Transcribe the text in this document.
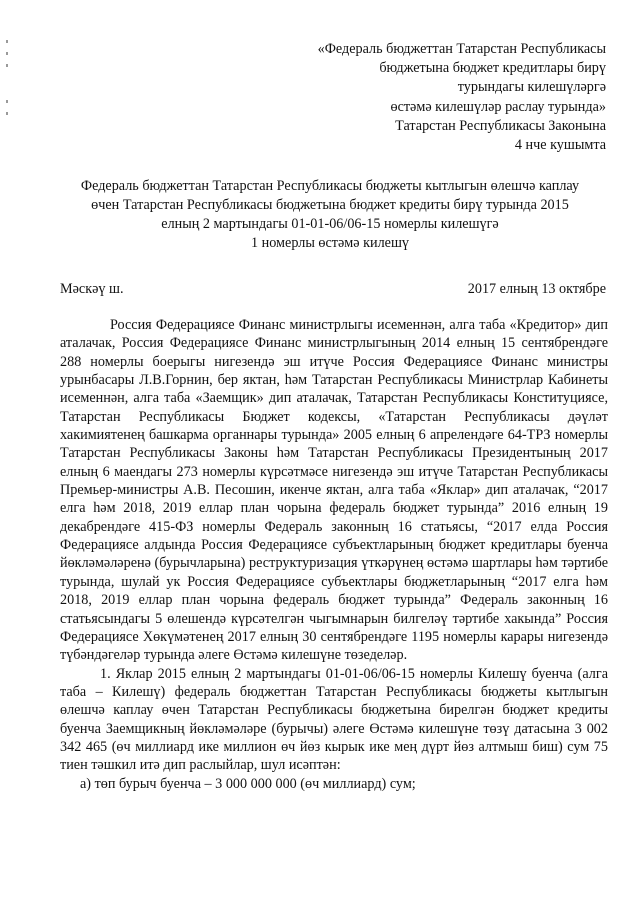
«Федераль бюджеттан Татарстан Республикасы
бюджетына бюджет кредитлары бирү
турындагы килешүләргә
өстәмә килешүләр раслау турында»
Татарстан Республикасы Законына
4 нче кушымта
Федераль бюджеттан Татарстан Республикасы бюджеты кытлыгын өлешчә каплау
өчен Татарстан Республикасы бюджетына бюджет кредиты бирү турында 2015
елның 2 мартындагы 01-01-06/06-15 номерлы килешүгә
1 номерлы өстәмә килешү
Мәскәү ш.	2017 елның 13 октябре

Россия Федерациясе Финанс министрлыгы исеменнән, алга таба «Кредитор» дип аталачак, Россия Федерациясе Финанс министрлыгының 2014 елның 15 сентябрендәге 288 номерлы боерыгы нигезендә эш итүче Россия Федерациясе Финанс министры урынбасары Л.В.Горнин, бер яктан, һәм Татарстан Республикасы Министрлар Кабинеты исеменнән, алга таба «Заемщик» дип аталачак, Татарстан Республикасы Конституциясе, Татарстан Республикасы Бюджет кодексы, «Татарстан Республикасы дәүләт хакимиятенең башкарма органнары турында» 2005 елның 6 апрелендәге 64-ТРЗ номерлы Татарстан Республикасы Законы һәм Татарстан Республикасы Президентының 2017 елның 6 маендагы 273 номерлы күрсәтмәсе нигезендә эш итүче Татарстан Республикасы Премьер-министры А.В. Песошин, икенче яктан, алга таба «Яклар» дип аталачак, “2017 елга һәм 2018, 2019 еллар план чорына федераль бюджет турында” 2016 елның 19 декабрендәге 415-ФЗ номерлы Федераль законның 16 статьясы, “2017 елда Россия Федерациясе алдында Россия Федерациясе субъектларының бюджет кредитлары буенча йөкләмәләренә (бурычларына) реструктуризация үткәрүнең өстәмә шартлары һәм тәртибе турында, шулай ук Россия Федерациясе субъектлары бюджетларының “2017 елга һәм 2018, 2019 еллар план чорына федераль бюджет турында” Федераль законның 16 статьясындагы 5 өлешендә күрсәтелгән чыгымнарын билгеләү тәртибе хакында” Россия Федерациясе Хөкүмәтенең 2017 елның 30 сентябрендәге 1195 номерлы карары нигезендә түбәндәгеләр турында әлеге Өстәмә килешүне төзеделәр.

1. Яклар 2015 елның 2 мартындагы 01-01-06/06-15 номерлы Килешү буенча (алга таба – Килешү) федераль бюджеттан Татарстан Республикасы бюджеты кытлыгын өлешчә каплау өчен Татарстан Республикасы бюджетына бирелгән бюджет кредиты буенча Заемщикның йөкләмәләре (бурычы) әлеге Өстәмә килешүне төзү датасына 3 002 342 465 (өч миллиард ике миллион өч йөз кырык ике мең дүрт йөз алтмыш биш) сум 75 тиен тәшкил итә дип раслыйлар, шул исәптән:

а) төп бурыч буенча – 3 000 000 000 (өч миллиард) сум;
